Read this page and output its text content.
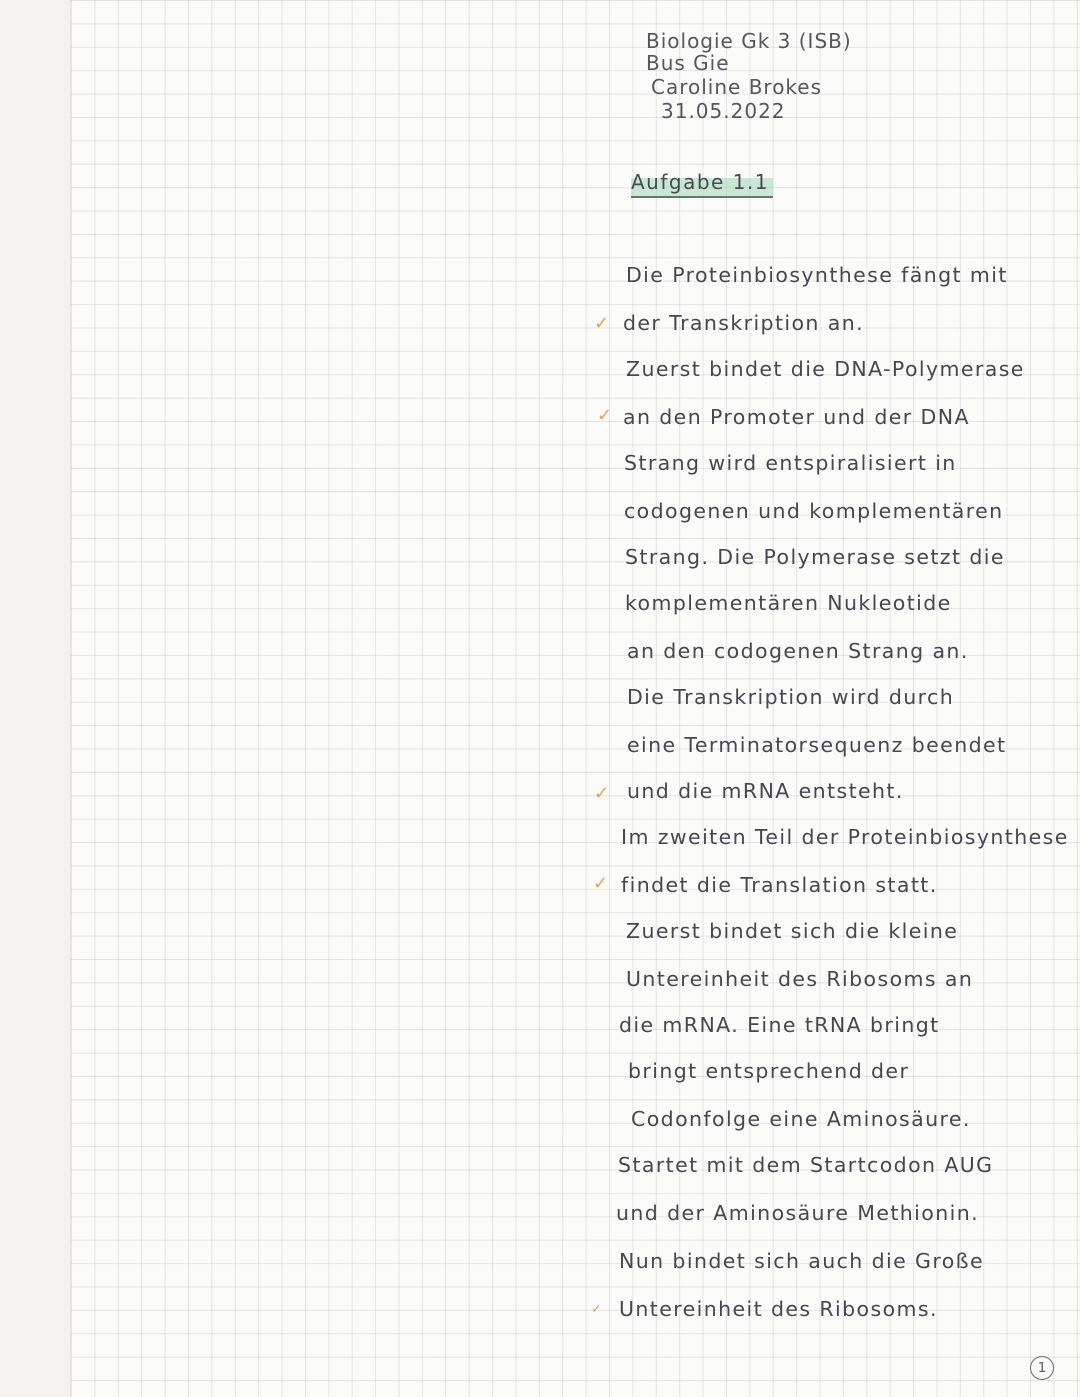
Biologie Gk 3 (ISB)
Bus Gie
Caroline Brokes
31.05.2022
Aufgabe 1.1
Die Proteinbiosynthese fängt mit
✓ der Transkription an.
Zuerst bindet die DNA-Polymerase
✓ an den Promoter und der DNA
Strang wird entspiralisiert in
codogenen und komplementären
Strang. Die Polymerase setzt die
komplementären Nukleotide
an den codogenen Strang an.
Die Transkription wird durch
eine Terminatorsequenz beendet
✓ und die mRNA entsteht.
Im zweiten Teil der Proteinbiosynthese
✓ findet die Translation statt.
Zuerst bindet sich die kleine
Untereinheit des Ribosoms an
die mRNA. Eine tRNA bringt
bringt entsprechend der
Codonfolge eine Aminosäure.
Startet mit dem Startcodon AUG
und der Aminosäure Methionin.
Nun bindet sich auch die Große
✓ Untereinheit des Ribosoms.
1
